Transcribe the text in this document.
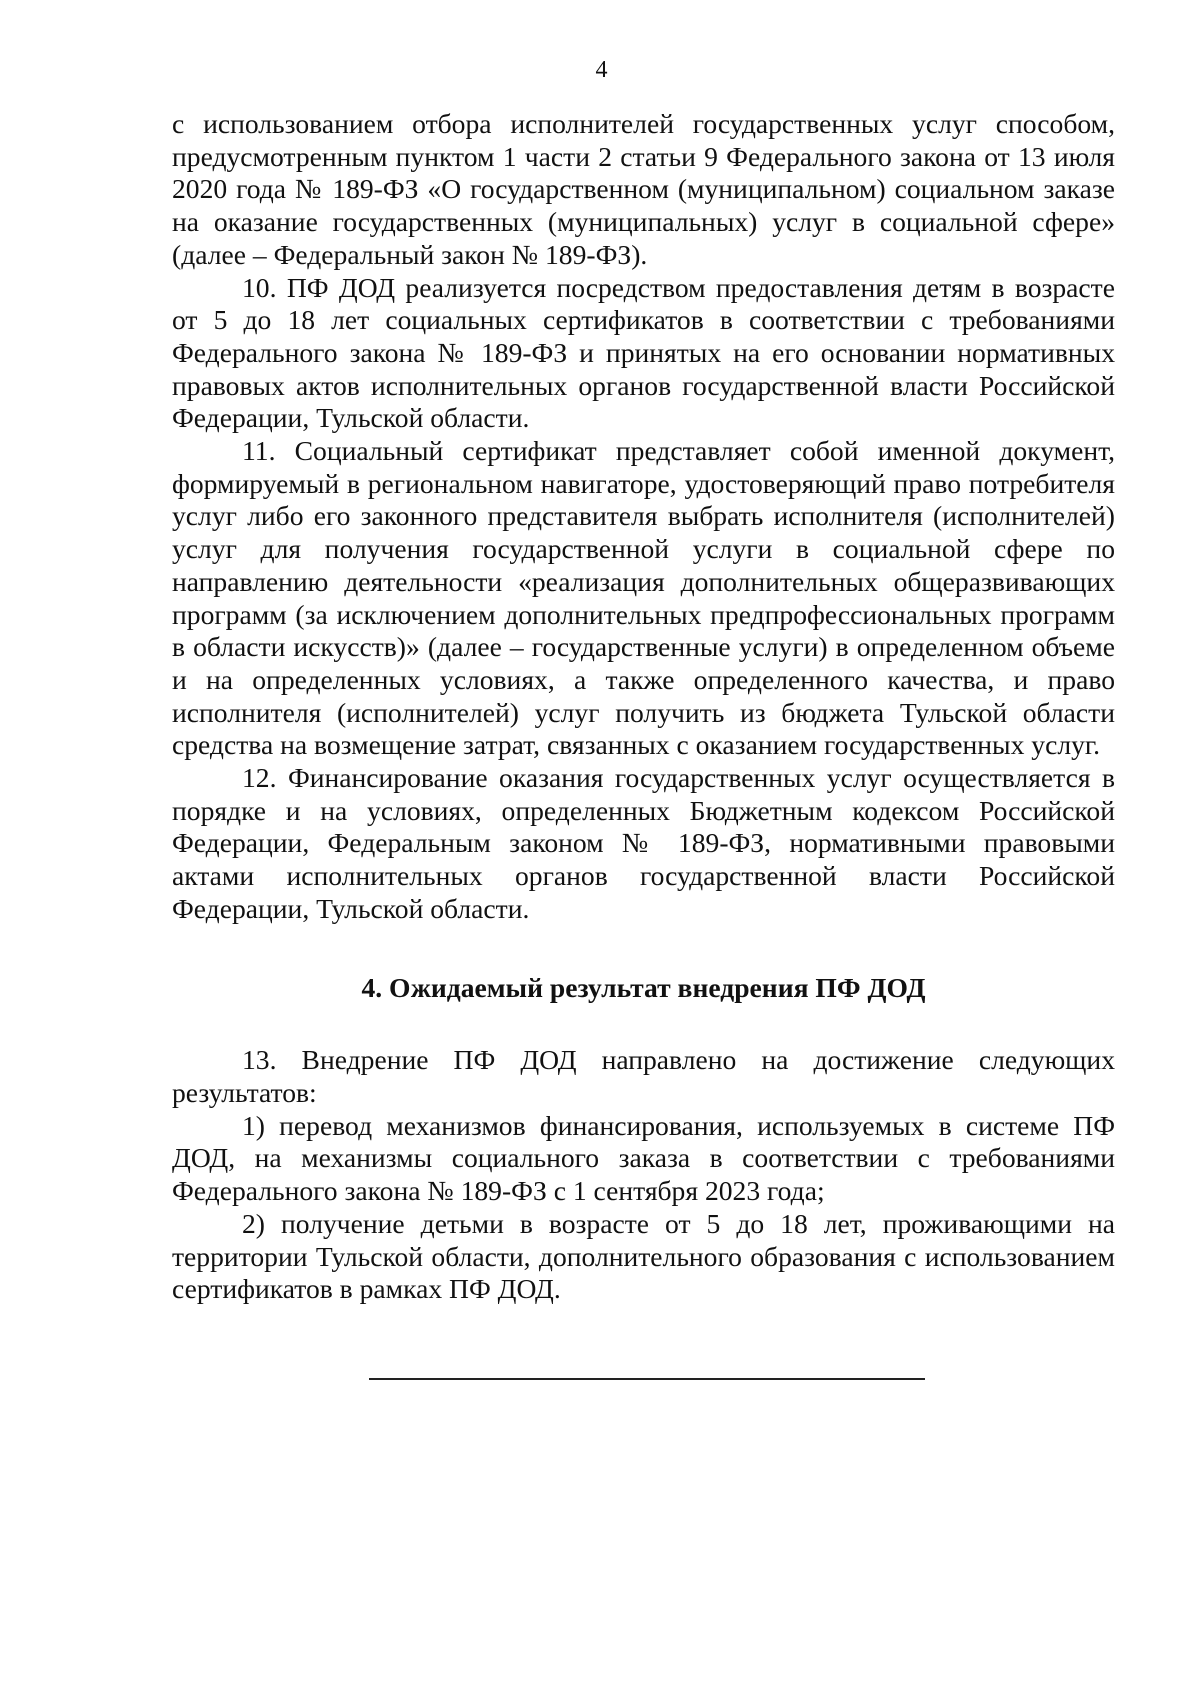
4

с использованием отбора исполнителей государственных услуг способом, предусмотренным пунктом 1 части 2 статьи 9 Федерального закона от 13 июля 2020 года № 189-ФЗ «О государственном (муниципальном) социальном заказе на оказание государственных (муниципальных) услуг в социальной сфере» (далее – Федеральный закон № 189-ФЗ).

10. ПФ ДОД реализуется посредством предоставления детям в возрасте от 5 до 18 лет социальных сертификатов в соответствии с требованиями Федерального закона № 189-ФЗ и принятых на его основании нормативных правовых актов исполнительных органов государственной власти Российской Федерации, Тульской области.

11. Социальный сертификат представляет собой именной документ, формируемый в региональном навигаторе, удостоверяющий право потребителя услуг либо его законного представителя выбрать исполнителя (исполнителей) услуг для получения государственной услуги в социальной сфере по направлению деятельности «реализация дополнительных общеразвивающих программ (за исключением дополнительных предпрофессиональных программ в области искусств)» (далее – государственные услуги) в определенном объеме и на определенных условиях, а также определенного качества, и право исполнителя (исполнителей) услуг получить из бюджета Тульской области средства на возмещение затрат, связанных с оказанием государственных услуг.

12. Финансирование оказания государственных услуг осуществляется в порядке и на условиях, определенных Бюджетным кодексом Российской Федерации, Федеральным законом № 189-ФЗ, нормативными правовыми актами исполнительных органов государственной власти Российской Федерации, Тульской области.

4. Ожидаемый результат внедрения ПФ ДОД

13. Внедрение ПФ ДОД направлено на достижение следующих результатов:

1) перевод механизмов финансирования, используемых в системе ПФ ДОД, на механизмы социального заказа в соответствии с требованиями Федерального закона № 189-ФЗ с 1 сентября 2023 года;

2) получение детьми в возрасте от 5 до 18 лет, проживающими на территории Тульской области, дополнительного образования с использованием сертификатов в рамках ПФ ДОД.
